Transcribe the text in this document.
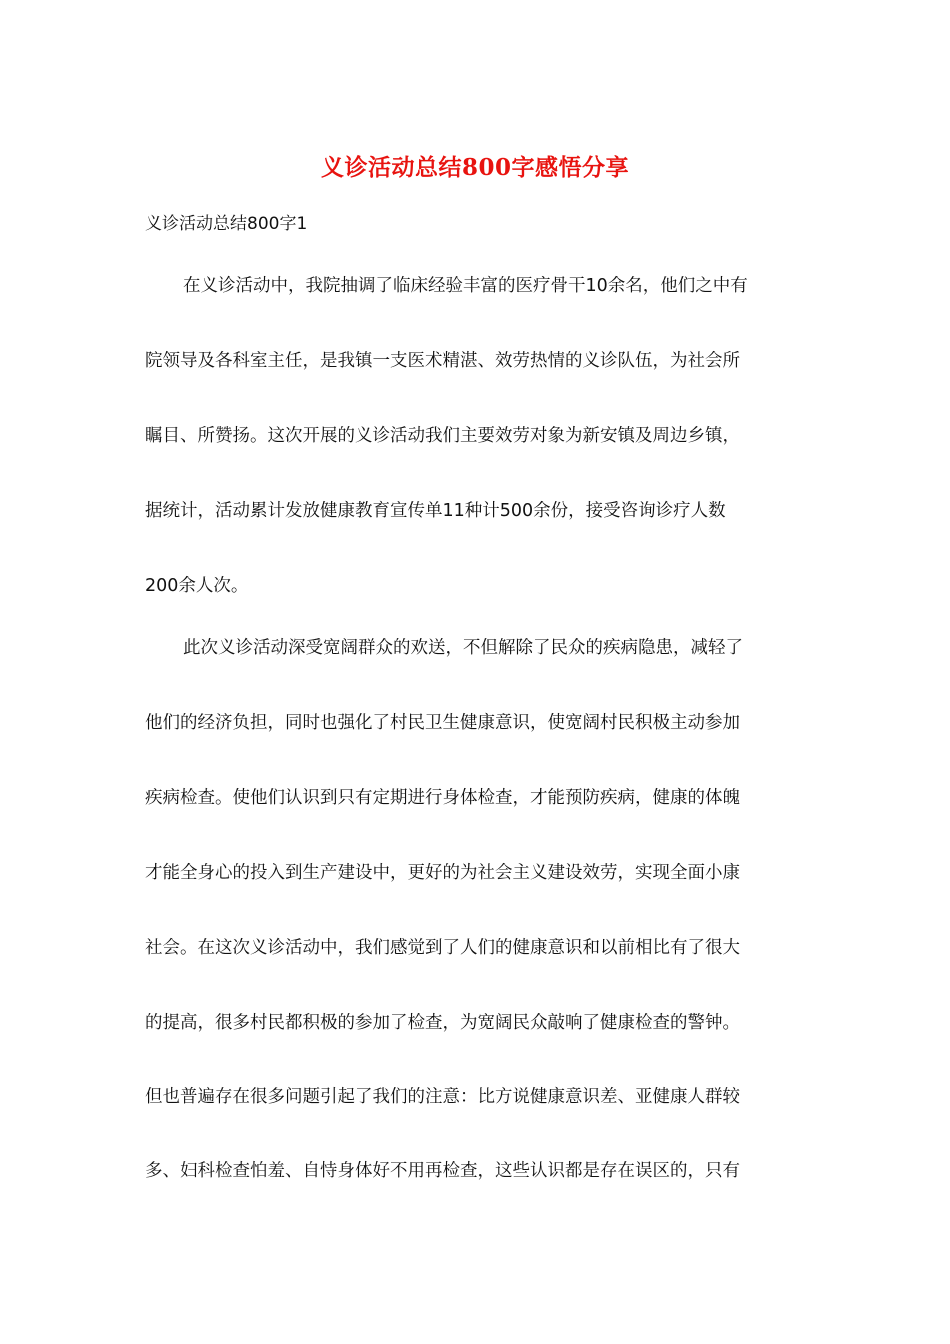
义诊活动总结800字感悟分享
义诊活动总结800字1
在义诊活动中，我院抽调了临床经验丰富的医疗骨干10余名，他们之中有
院领导及各科室主任，是我镇一支医术精湛、效劳热情的义诊队伍，为社会所
瞩目、所赞扬。这次开展的义诊活动我们主要效劳对象为新安镇及周边乡镇，
据统计，活动累计发放健康教育宣传单11种计500余份，接受咨询诊疗人数
200余人次。
此次义诊活动深受宽阔群众的欢送，不但解除了民众的疾病隐患，减轻了
他们的经济负担，同时也强化了村民卫生健康意识，使宽阔村民积极主动参加
疾病检查。使他们认识到只有定期进行身体检查，才能预防疾病，健康的体魄
才能全身心的投入到生产建设中，更好的为社会主义建设效劳，实现全面小康
社会。在这次义诊活动中，我们感觉到了人们的健康意识和以前相比有了很大
的提高，很多村民都积极的参加了检查，为宽阔民众敲响了健康检查的警钟。
但也普遍存在很多问题引起了我们的注意：比方说健康意识差、亚健康人群较
多、妇科检查怕羞、自恃身体好不用再检查，这些认识都是存在误区的，只有
